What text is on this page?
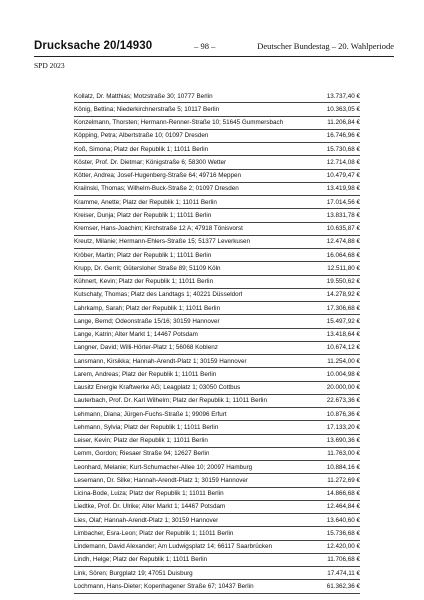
Drucksache 20/14930	– 98 –	Deutscher Bundestag – 20. Wahlperiode
SPD 2023
Kollatz, Dr. Matthias; Motzstraße 30; 10777 Berlin	13.737,40 €
König, Bettina; Niederkirchnerstraße 5; 10117 Berlin	10.363,05 €
Konzelmann, Thorsten; Hermann-Renner-Straße 10; 51645 Gummersbach	11.206,84 €
Köpping, Petra; Albertstraße 10; 01097 Dresden	16.746,96 €
Koß, Simona; Platz der Republik 1; 11011 Berlin	15.730,68 €
Köster, Prof. Dr. Dietmar; Königstraße 6; 58300 Wetter	12.714,08 €
Kötter, Andrea; Josef-Hugenberg-Straße 64; 49716 Meppen	10.479,47 €
Krailnski, Thomas; Wilhelm-Buck-Straße 2; 01097 Dresden	13.419,98 €
Kramme, Anette; Platz der Republik 1; 11011 Berlin	17.014,56 €
Kreiser, Dunja; Platz der Republik 1; 11011 Berlin	13.831,78 €
Kremser, Hans-Joachim; Kirchstraße 12 A; 47918 Tönisvorst	10.635,87 €
Kreutz, Milanie; Hermann-Ehlers-Straße 15; 51377 Leverkusen	12.474,88 €
Kröber, Martin; Platz der Republik 1; 11011 Berlin	16.064,68 €
Krupp, Dr. Gerrit; Gütersloher Straße 89; 51109 Köln	12.511,80 €
Kühnert, Kevin; Platz der Republik 1; 11011 Berlin	19.550,62 €
Kutschaty, Thomas; Platz des Landtags 1; 40221 Düsseldorf	14.278,92 €
Lahrkamp, Sarah; Platz der Republik 1; 11011 Berlin	17.306,68 €
Lange, Bernd; Odeonstraße 15/16; 30159 Hannover	15.497,92 €
Lange, Katrin; Alter Markt 1; 14467 Potsdam	13.418,64 €
Langner, David; Willi-Hörter-Platz 1; 56068 Koblenz	10.674,12 €
Lansmann, Kirsikka; Hannah-Arendt-Platz 1; 30159 Hannover	11.254,00 €
Larem, Andreas; Platz der Republik 1; 11011 Berlin	10.004,98 €
Lausitz Energie Kraftwerke AG; Leagplatz 1; 03050 Cottbus	20.000,00 €
Lauterbach, Prof. Dr. Karl Wilhelm; Platz der Republik 1; 11011 Berlin	22.673,36 €
Lehmann, Diana; Jürgen-Fuchs-Straße 1; 99096 Erfurt	10.876,36 €
Lehmann, Sylvia; Platz der Republik 1; 11011 Berlin	17.133,20 €
Leiser, Kevin; Platz der Republik 1; 11011 Berlin	13.690,36 €
Lemm, Gordon; Riesaer Straße 94; 12627 Berlin	11.763,00 €
Leonhard, Melanie; Kurt-Schumacher-Allee 10; 20097 Hamburg	10.884,16 €
Lesemann, Dr. Silke; Hannah-Arendt-Platz 1; 30159 Hannover	11.272,69 €
Licina-Bode, Luiza; Platz der Republik 1; 11011 Berlin	14.866,68 €
Liedtke, Prof. Dr. Ulrike; Alter Markt 1; 14467 Potsdam	12.464,84 €
Lies, Olaf; Hannah-Arendt-Platz 1; 30159 Hannover	13.640,60 €
Limbacher, Esra-Leon; Platz der Republik 1; 11011 Berlin	15.736,68 €
Lindemann, David Alexander; Am Ludwigsplatz 14; 66117 Saarbrücken	12.420,00 €
Lindh, Helge; Platz der Republik 1; 11011 Berlin	11.706,68 €
Link, Sören; Burgplatz 19; 47051 Duisburg	17.474,11 €
Lochmann, Hans-Dieter; Kopenhagener Straße 67; 10437 Berlin	61.362,36 €
